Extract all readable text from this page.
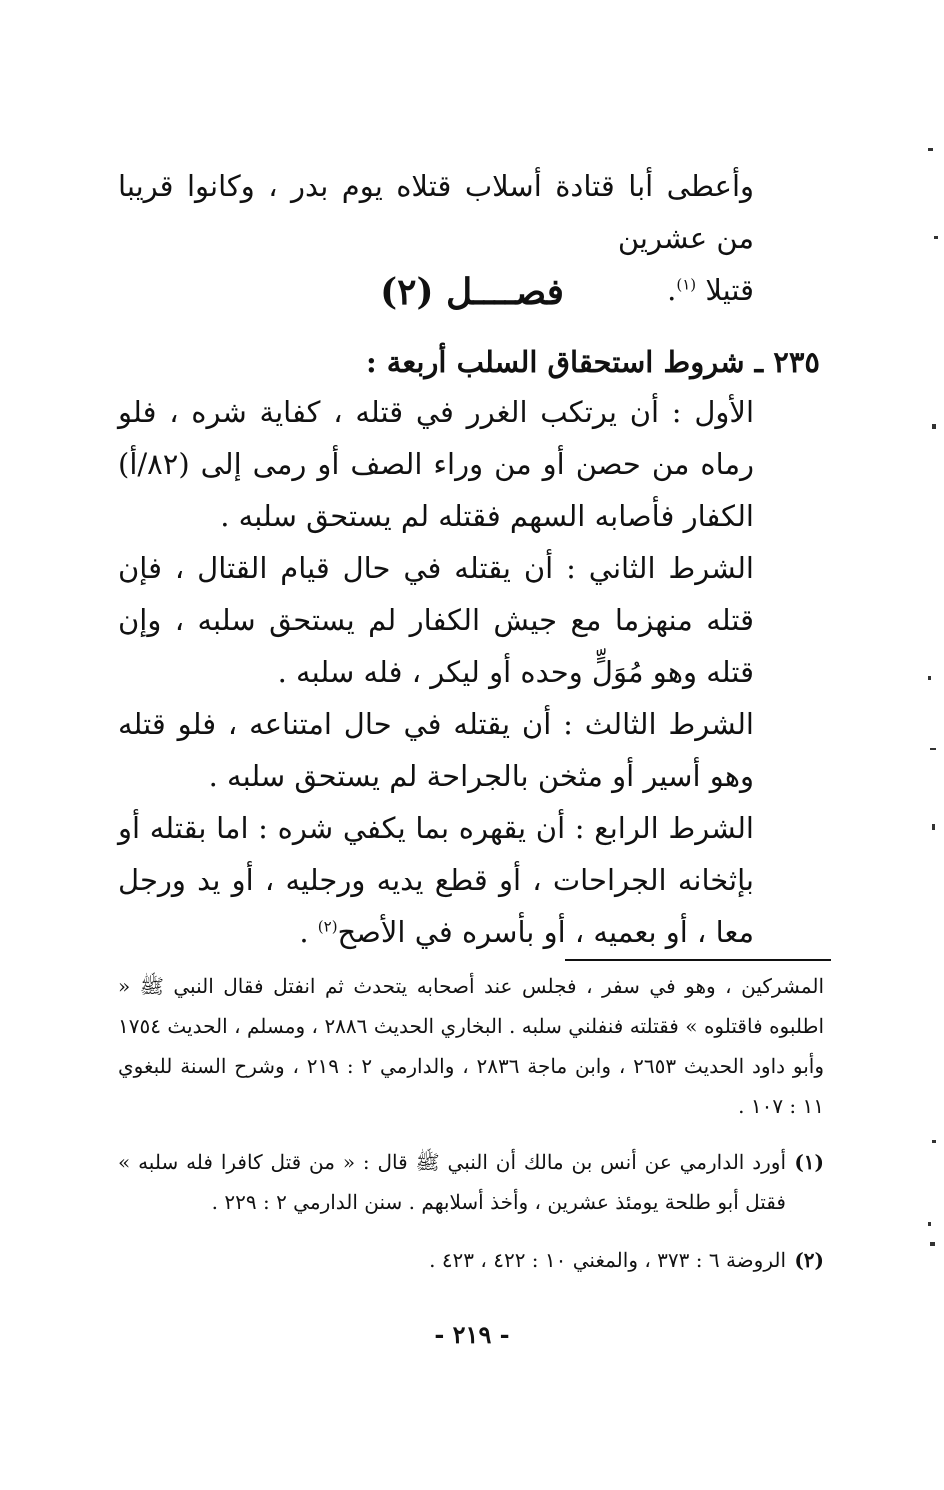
وأعطى أبا قتادة أسلاب قتلاه يوم بدر ، وكانوا قريبا من عشرين

قتيلا $^{(١)}$.

فصــــل (٢)
٢٣٥ ـ شروط استحقاق السلب أربعة :

الأول : أن يرتكب الغرر في قتله ، كفاية شره ، فلو رماه من حصن أو من وراء الصف أو رمى إلى (٨٢/أ) الكفار فأصابه السهم فقتله لم يستحق سلبه .

الشرط الثاني : أن يقتله في حال قيام القتال ، فإن قتله منهزما مع جيش الكفار لم يستحق سلبه ، وإن قتله وهو مُوَلٍّ وحده أو ليكر ، فله سلبه .

الشرط الثالث : أن يقتله في حال امتناعه ، فلو قتله وهو أسير أو مثخن بالجراحة لم يستحق سلبه .

الشرط الرابع : أن يقهره بما يكفي شره : اما بقتله أو بإثخانه الجراحات ، أو قطع يديه ورجليه ، أو يد ورجل معا ، أو بعميه ، أو بأسره في الأصح$^{(٢)}$ .

المشركين ، وهو في سفر ، فجلس عند أصحابه يتحدث ثم انفتل فقال النبي ﷺ « اطلبوه فاقتلوه » فقتلته فنفلني سلبه . البخاري الحديث ٢٨٨٦ ، ومسلم ، الحديث ١٧٥٤ وأبو داود الحديث ٢٦٥٣ ، وابن ماجة ٢٨٣٦ ، والدارمي ٢ : ٢١٩ ، وشرح السنة للبغوي ١١ : ١٠٧ .

(١)

أورد الدارمي عن أنس بن مالك أن النبي ﷺ قال : « من قتل كافرا فله سلبه » فقتل أبو طلحة يومئذ عشرين ، وأخذ أسلابهم . سنن الدارمي ٢ : ٢٢٩ .

(٢)

الروضة ٦ : ٣٧٣ ، والمغني ١٠ : ٤٢٢ ، ٤٢٣ .

- ٢١٩ -
